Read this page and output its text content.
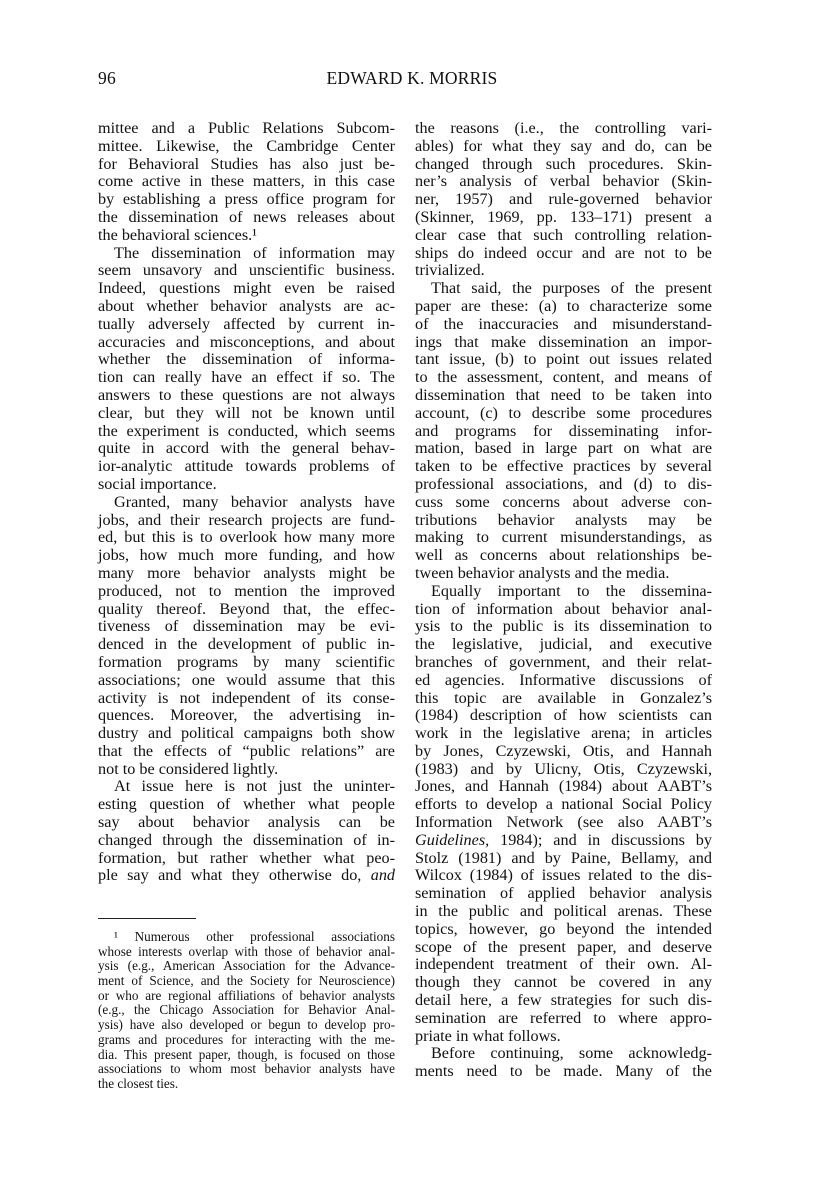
96	EDWARD K. MORRIS
mittee and a Public Relations Subcom-
mittee. Likewise, the Cambridge Center
for Behavioral Studies has also just be-
come active in these matters, in this case
by establishing a press office program for
the dissemination of news releases about
the behavioral sciences.¹
The dissemination of information may
seem unsavory and unscientific business.
Indeed, questions might even be raised
about whether behavior analysts are ac-
tually adversely affected by current in-
accuracies and misconceptions, and about
whether the dissemination of informa-
tion can really have an effect if so. The
answers to these questions are not always
clear, but they will not be known until
the experiment is conducted, which seems
quite in accord with the general behav-
ior-analytic attitude towards problems of
social importance.
Granted, many behavior analysts have
jobs, and their research projects are fund-
ed, but this is to overlook how many more
jobs, how much more funding, and how
many more behavior analysts might be
produced, not to mention the improved
quality thereof. Beyond that, the effec-
tiveness of dissemination may be evi-
denced in the development of public in-
formation programs by many scientific
associations; one would assume that this
activity is not independent of its conse-
quences. Moreover, the advertising in-
dustry and political campaigns both show
that the effects of “public relations” are
not to be considered lightly.
At issue here is not just the uninter-
esting question of whether what people
say about behavior analysis can be
changed through the dissemination of in-
formation, but rather whether what peo-
ple say and what they otherwise do, and
the reasons (i.e., the controlling vari-
ables) for what they say and do, can be
changed through such procedures. Skin-
ner’s analysis of verbal behavior (Skin-
ner, 1957) and rule-governed behavior
(Skinner, 1969, pp. 133–171) present a
clear case that such controlling relation-
ships do indeed occur and are not to be
trivialized.
That said, the purposes of the present
paper are these: (a) to characterize some
of the inaccuracies and misunderstand-
ings that make dissemination an impor-
tant issue, (b) to point out issues related
to the assessment, content, and means of
dissemination that need to be taken into
account, (c) to describe some procedures
and programs for disseminating infor-
mation, based in large part on what are
taken to be effective practices by several
professional associations, and (d) to dis-
cuss some concerns about adverse con-
tributions behavior analysts may be
making to current misunderstandings, as
well as concerns about relationships be-
tween behavior analysts and the media.
Equally important to the dissemina-
tion of information about behavior anal-
ysis to the public is its dissemination to
the legislative, judicial, and executive
branches of government, and their relat-
ed agencies. Informative discussions of
this topic are available in Gonzalez’s
(1984) description of how scientists can
work in the legislative arena; in articles
by Jones, Czyzewski, Otis, and Hannah
(1983) and by Ulicny, Otis, Czyzewski,
Jones, and Hannah (1984) about AABT’s
efforts to develop a national Social Policy
Information Network (see also AABT’s
Guidelines, 1984); and in discussions by
Stolz (1981) and by Paine, Bellamy, and
Wilcox (1984) of issues related to the dis-
semination of applied behavior analysis
in the public and political arenas. These
topics, however, go beyond the intended
scope of the present paper, and deserve
independent treatment of their own. Al-
though they cannot be covered in any
detail here, a few strategies for such dis-
semination are referred to where appro-
priate in what follows.
Before continuing, some acknowledg-
ments need to be made. Many of the
¹ Numerous other professional associations
whose interests overlap with those of behavior anal-
ysis (e.g., American Association for the Advance-
ment of Science, and the Society for Neuroscience)
or who are regional affiliations of behavior analysts
(e.g., the Chicago Association for Behavior Anal-
ysis) have also developed or begun to develop pro-
grams and procedures for interacting with the me-
dia. This present paper, though, is focused on those
associations to whom most behavior analysts have
the closest ties.
